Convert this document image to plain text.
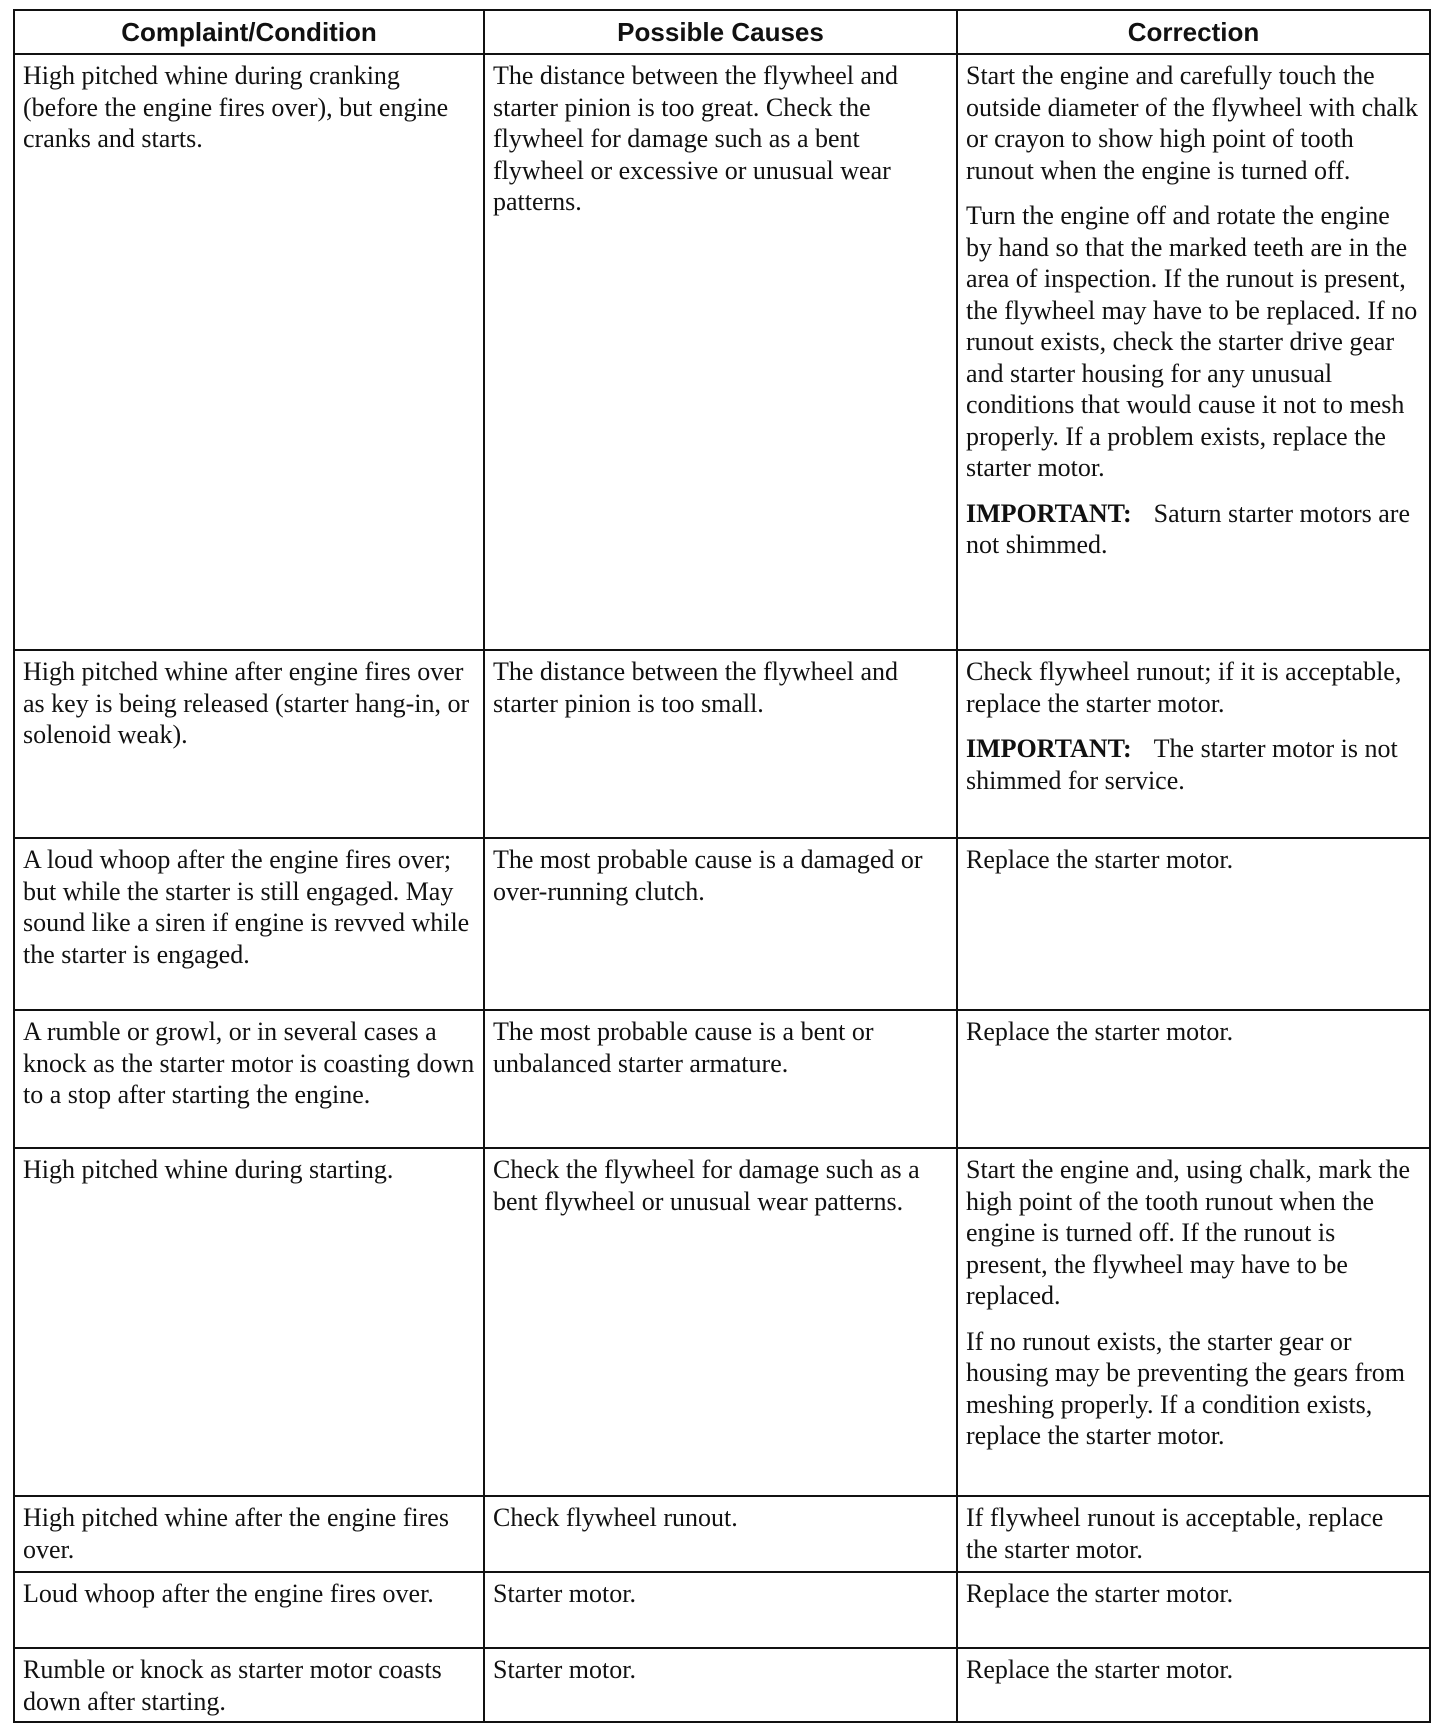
Complaint/Condition	Possible Causes	Correction
High pitched whine during cranking (before the engine fires over), but engine cranks and starts.	The distance between the flywheel and starter pinion is too great. Check the flywheel for damage such as a bent flywheel or excessive or unusual wear patterns.	Start the engine and carefully touch the outside diameter of the flywheel with chalk or crayon to show high point of tooth runout when the engine is turned off.

Turn the engine off and rotate the engine by hand so that the marked teeth are in the area of inspection. If the runout is present, the flywheel may have to be replaced. If no runout exists, check the starter drive gear and starter housing for any unusual conditions that would cause it not to mesh properly. If a problem exists, replace the starter motor.

IMPORTANT: Saturn starter motors are not shimmed.

High pitched whine after engine fires over as key is being released (starter hang-in, or solenoid weak).	The distance between the flywheel and starter pinion is too small.	Check flywheel runout; if it is acceptable, replace the starter motor.

IMPORTANT: The starter motor is not shimmed for service.

A loud whoop after the engine fires over; but while the starter is still engaged. May sound like a siren if engine is revved while the starter is engaged.	The most probable cause is a damaged or over-running clutch.	Replace the starter motor.
A rumble or growl, or in several cases a knock as the starter motor is coasting down to a stop after starting the engine.	The most probable cause is a bent or unbalanced starter armature.	Replace the starter motor.
High pitched whine during starting.	Check the flywheel for damage such as a bent flywheel or unusual wear patterns.	Start the engine and, using chalk, mark the high point of the tooth runout when the engine is turned off. If the runout is present, the flywheel may have to be replaced.

If no runout exists, the starter gear or housing may be preventing the gears from meshing properly. If a condition exists, replace the starter motor.

High pitched whine after the engine fires over.	Check flywheel runout.	If flywheel runout is acceptable, replace the starter motor.
Loud whoop after the engine fires over.	Starter motor.	Replace the starter motor.
Rumble or knock as starter motor coasts down after starting.	Starter motor.	Replace the starter motor.
